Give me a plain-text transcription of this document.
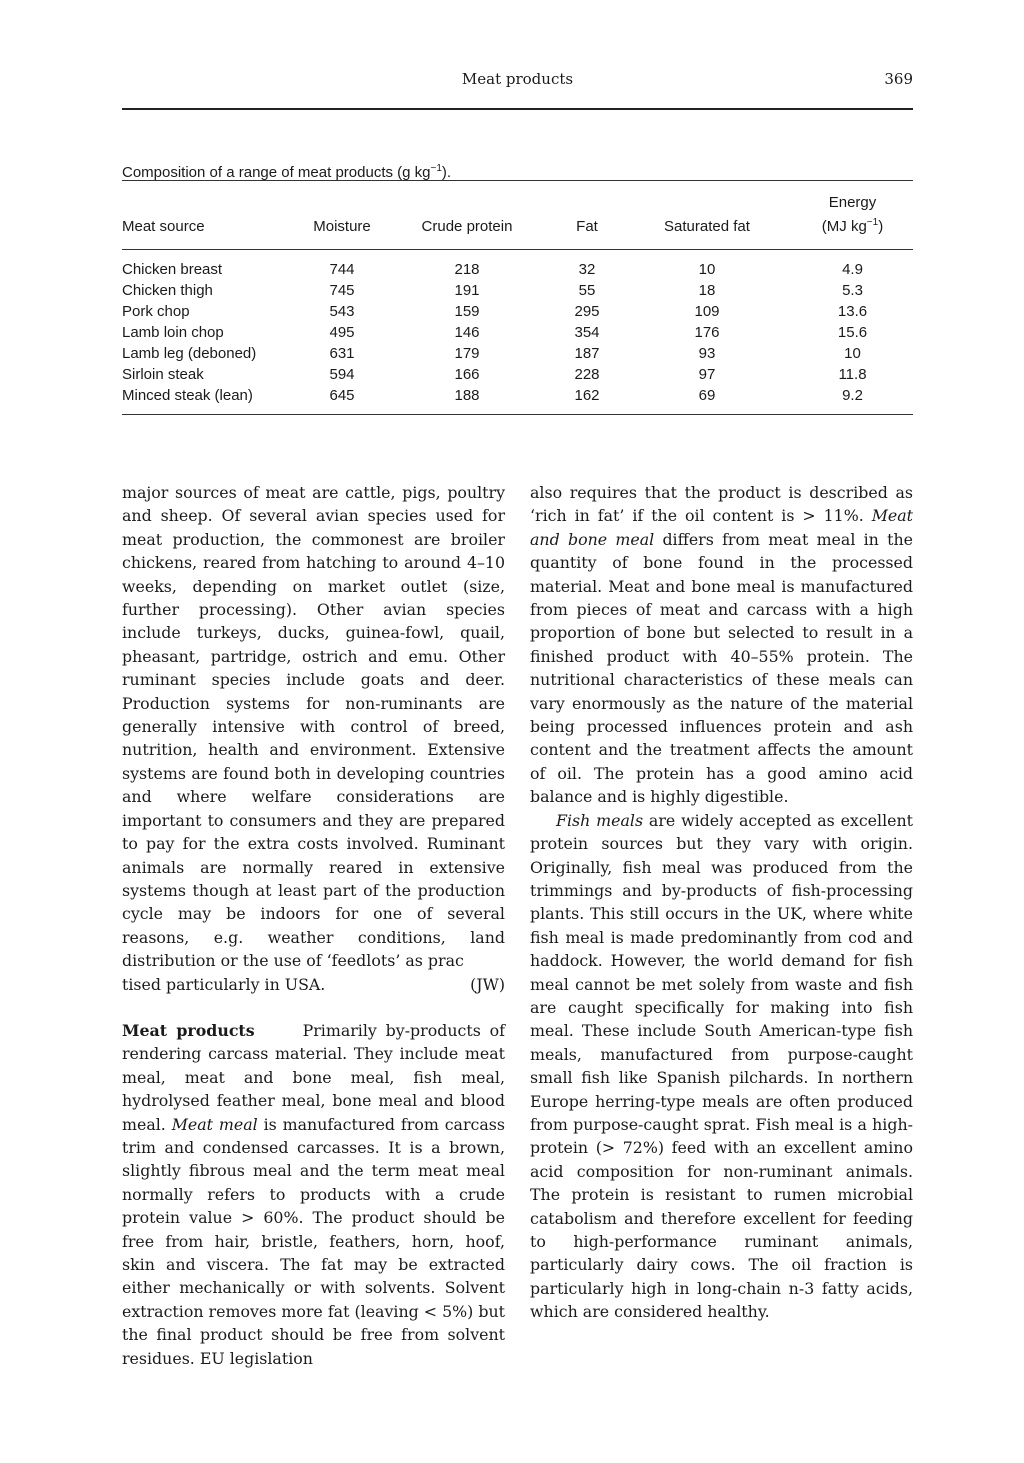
Meat products	369
Composition of a range of meat products (g $kg^{-1}$).
Meat source	Moisture	Crude protein	Fat	Saturated fat	Energy
(MJ $kg^{-1}$)
Chicken breast	744	218	32	10	4.9
Chicken thigh	745	191	55	18	5.3
Pork chop	543	159	295	109	13.6
Lamb loin chop	495	146	354	176	15.6
Lamb leg (deboned)	631	179	187	93	10
Sirloin steak	594	166	228	97	11.8
Minced steak (lean)	645	188	162	69	9.2

major sources of meat are cattle, pigs, poultry and sheep. Of several avian species used for meat production, the commonest are broiler chickens, reared from hatching to around 4–10 weeks, depending on market outlet (size, further processing). Other avian species include turkeys, ducks, guinea-fowl, quail, pheasant, partridge, ostrich and emu. Other ruminant species include goats and deer. Production systems for non-ruminants are generally intensive with control of breed, nutrition, health and environment. Extensive systems are found both in developing countries and where welfare considerations are important to consumers and they are prepared to pay for the extra costs involved. Ruminant animals are normally reared in extensive systems though at least part of the production cycle may be indoors for one of several reasons, e.g. weather conditions, land distribution or the use of ‘feedlots’ as prac
tised particularly in USA.	(JW)

Meat products	Primarily by-products of rendering carcass material. They include meat meal, meat and bone meal, fish meal, hydrolysed feather meal, bone meal and blood meal. Meat meal is manufactured from carcass trim and condensed carcasses. It is a brown, slightly fibrous meal and the term meat meal normally refers to products with a crude protein value > 60%. The product should be free from hair, bristle, feathers, horn, hoof, skin and viscera. The fat may be extracted either mechanically or with solvents. Solvent extraction removes more fat (leaving < 5%) but the final product should be free from solvent residues. EU legislation

also requires that the product is described as ‘rich in fat’ if the oil content is > 11%. Meat and bone meal differs from meat meal in the quantity of bone found in the processed material. Meat and bone meal is manufactured from pieces of meat and carcass with a high proportion of bone but selected to result in a finished product with 40–55% protein. The nutritional characteristics of these meals can vary enormously as the nature of the material being processed influences protein and ash content and the treatment affects the amount of oil. The protein has a good amino acid balance and is highly digestible.

Fish meals are widely accepted as excellent protein sources but they vary with origin. Originally, fish meal was produced from the trimmings and by-products of fish-processing plants. This still occurs in the UK, where white fish meal is made predominantly from cod and haddock. However, the world demand for fish meal cannot be met solely from waste and fish are caught specifically for making into fish meal. These include South American-type fish meals, manufactured from purpose-caught small fish like Spanish pilchards. In northern Europe herring-type meals are often produced from purpose-caught sprat. Fish meal is a high-protein (> 72%) feed with an excellent amino acid composition for non-ruminant animals. The protein is resistant to rumen microbial catabolism and therefore excellent for feeding to high-performance ruminant animals, particularly dairy cows. The oil fraction is particularly high in long-chain n-3 fatty acids, which are considered healthy.
